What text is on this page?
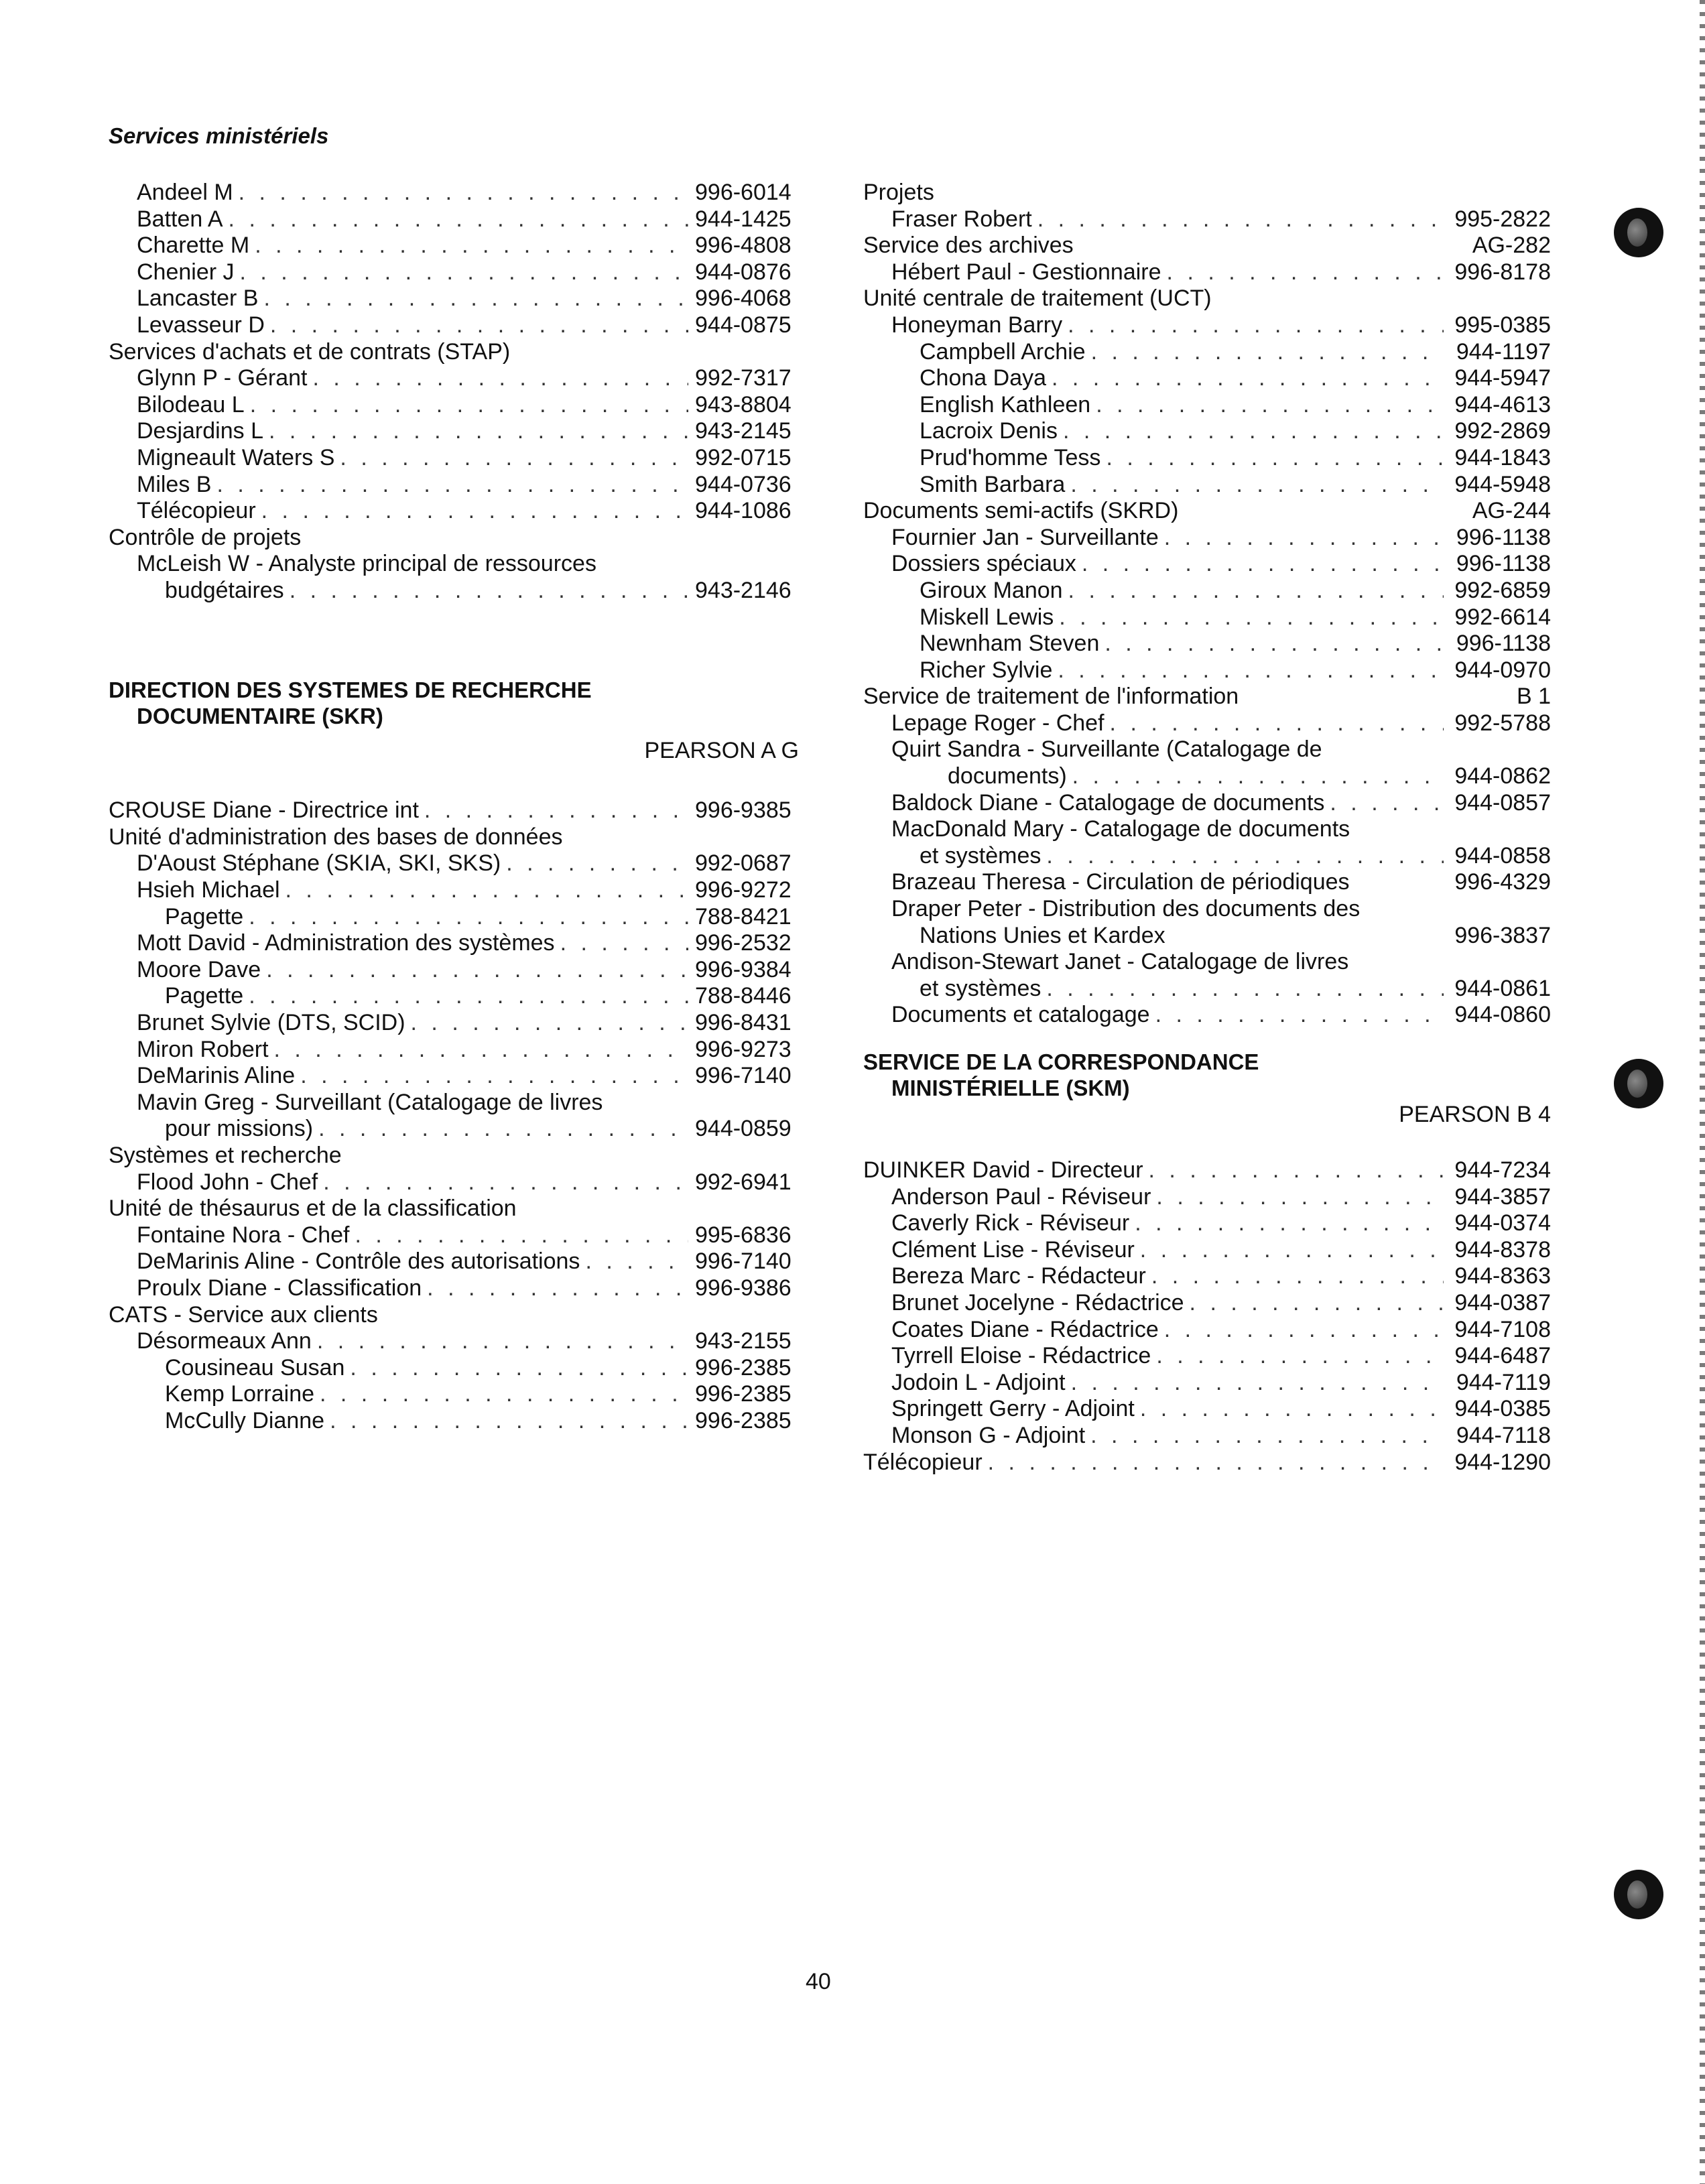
Services ministériels
Andeel M . . .	996-6014
Batten A . . .	944-1425
Charette M . . .	996-4808
Chenier J . . .	944-0876
Lancaster B . . .	996-4068
Levasseur D . . .	944-0875
Services d'achats et de contrats (STAP)
Glynn P - Gérant . . .	992-7317
Bilodeau L . . .	943-8804
Desjardins L . . .	943-2145
Migneault Waters S . . .	992-0715
Miles B . . .	944-0736
Télécopieur . . .	944-1086
Contrôle de projets
McLeish W - Analyste principal de ressources
budgétaires . . .	943-2146
DIRECTION DES SYSTEMES DE RECHERCHE
DOCUMENTAIRE (SKR)
PEARSON A G
CROUSE Diane - Directrice int . . .	996-9385
Unité d'administration des bases de données
D'Aoust Stéphane (SKIA, SKI, SKS) . . .	992-0687
Hsieh Michael . . .	996-9272
Pagette . . .	788-8421
Mott David - Administration des systèmes . . .	996-2532
Moore Dave . . .	996-9384
Pagette . . .	788-8446
Brunet Sylvie (DTS, SCID) . . .	996-8431
Miron Robert . . .	996-9273
DeMarinis Aline . . .	996-7140
Mavin Greg - Surveillant (Catalogage de livres
pour missions) . . .	944-0859
Systèmes et recherche
Flood John - Chef . . .	992-6941
Unité de thésaurus et de la classification
Fontaine Nora - Chef . . .	995-6836
DeMarinis Aline - Contrôle des autorisations . . .	996-7140
Proulx Diane - Classification . . .	996-9386
CATS - Service aux clients
Désormeaux Ann . . .	943-2155
Cousineau Susan . . .	996-2385
Kemp Lorraine . . .	996-2385
McCully Dianne . . .	996-2385
Projets
Fraser Robert . . .	995-2822
Service des archives	AG-282
Hébert Paul - Gestionnaire . . .	996-8178
Unité centrale de traitement (UCT)
Honeyman Barry . . .	995-0385
Campbell Archie . . .	944-1197
Chona Daya . . .	944-5947
English Kathleen . . .	944-4613
Lacroix Denis . . .	992-2869
Prud'homme Tess . . .	944-1843
Smith Barbara . . .	944-5948
Documents semi-actifs (SKRD)	AG-244
Fournier Jan - Surveillante . . .	996-1138
Dossiers spéciaux . . .	996-1138
Giroux Manon . . .	992-6859
Miskell Lewis . . .	992-6614
Newnham Steven . . .	996-1138
Richer Sylvie . . .	944-0970
Service de traitement de l'information	B 1
Lepage Roger - Chef . . .	992-5788
Quirt Sandra - Surveillante (Catalogage de
documents) . . .	944-0862
Baldock Diane - Catalogage de documents . . .	944-0857
MacDonald Mary - Catalogage de documents
et systèmes . . .	944-0858
Brazeau Theresa - Circulation de périodiques	996-4329
Draper Peter - Distribution des documents des
Nations Unies et Kardex	996-3837
Andison-Stewart Janet - Catalogage de livres
et systèmes . . .	944-0861
Documents et catalogage . . .	944-0860
SERVICE DE LA CORRESPONDANCE
MINISTÉRIELLE (SKM)
PEARSON B 4
DUINKER David - Directeur . . .	944-7234
Anderson Paul - Réviseur . . .	944-3857
Caverly Rick - Réviseur . . .	944-0374
Clément Lise - Réviseur . . .	944-8378
Bereza Marc - Rédacteur . . .	944-8363
Brunet Jocelyne - Rédactrice . . .	944-0387
Coates Diane - Rédactrice . . .	944-7108
Tyrrell Eloise - Rédactrice . . .	944-6487
Jodoin L - Adjoint . . .	944-7119
Springett Gerry - Adjoint . . .	944-0385
Monson G - Adjoint . . .	944-7118
Télécopieur . . .	944-1290
40
